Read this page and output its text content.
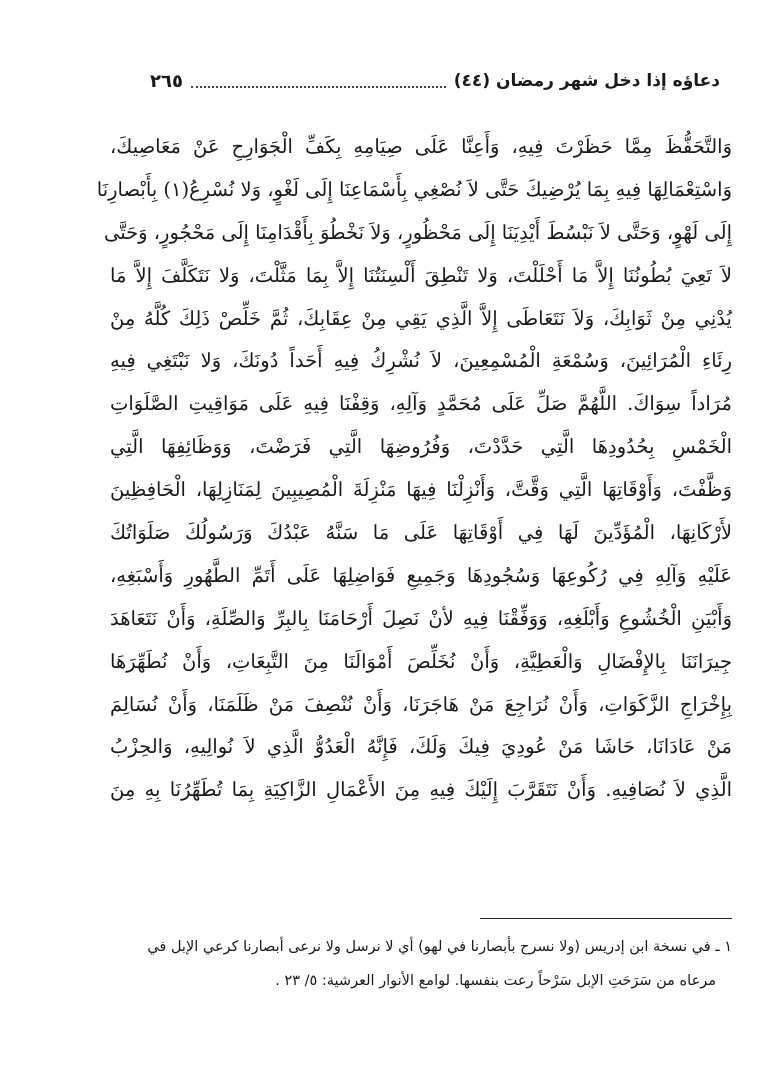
دعاؤه إذا دخل شهر رمضان (٤٤)
٢٦٥
وَالتَّحَفُّظَ مِمَّا حَظَرْتَ فِيهِ، وَأَعِنَّا عَلَى صِيَامِهِ بِكَفِّ الْجَوَارِحِ عَنْ مَعَاصِيكَ،
وَاسْتِعْمَالِهَا فِيهِ بِمَا يُرْضِيكَ حَتَّى لاَ نُصْغِي بِأَسْمَاعِنَا إِلَى لَغْوٍ، وَلا نُسْرِعُ(١) بِأَبْصارِنَا
إِلَى لَهْوٍ، وَحَتَّى لاَ نَبْسُطَ أَيْدِيَنَا إِلَى مَحْظُورٍ، وَلاَ نَخْطُوَ بِأَقْدَامِنَا إِلَى مَحْجُورٍ، وَحَتَّى
لاَ تَعِيَ بُطُونُنَا إِلاَّ مَا أَحْلَلْتَ، وَلا تَنْطِقَ أَلْسِنَتُنَا إِلاَّ بِمَا مَثَّلْتَ، وَلا نَتَكَلَّفَ إِلاَّ مَا
يُدْنِي مِنْ ثَوَابِكَ، وَلاَ نَتَعَاطَى إِلاَّ الَّذِي يَقِي مِنْ عِقَابِكَ، ثُمَّ خَلِّصْ ذَلِكَ كُلَّهُ مِنْ
رِئَاءِ الْمُرَائِينَ، وَسُمْعَةِ الْمُسْمِعِينَ، لاَ نُشْرِكُ فِيهِ أَحَداً دُونَكَ، وَلا نَبْتَغِي فِيهِ
مُرَاداً سِوَاكَ. اللَّهُمَّ صَلِّ عَلَى مُحَمَّدٍ وَآلِهِ، وَقِفْنَا فِيهِ عَلَى مَوَاقِيتِ الصَّلَوَاتِ
الْخَمْسِ بِحُدُودِهَا الَّتِي حَدَّدْتَ، وَفُرُوضِهَا الَّتِي فَرَضْتَ، وَوَظَائِفِهَا الَّتِي
وَظَّفْتَ، وَأَوْقَاتِهَا الَّتِي وَقَّتَّ، وَأَنْزِلْنَا فِيهَا مَنْزِلَةَ الْمُصِيبِينَ لِمَنَازِلِهَا، الْحَافِظِينَ
لأَرْكَانِهَا، الْمُؤَدِّينَ لَهَا فِي أَوْقَاتِهَا عَلَى مَا سَنَّهُ عَبْدُكَ وَرَسُولُكَ صَلَوَاتُكَ
عَلَيْهِ وَآلِهِ فِي رُكُوعِهَا وَسُجُودِهَا وَجَمِيعِ فَوَاضِلِهَا عَلَى أَتَمِّ الطَّهُورِ وَأَسْبَغِهِ،
وَأَبْيَنِ الْخُشُوعِ وَأَبْلَغِهِ، وَوَفِّقْنَا فِيهِ لأنْ نَصِلَ أَرْحَامَنَا بِالبِرِّ وَالصِّلَةِ، وَأَنْ نَتَعَاهَدَ
جِيرَانَنَا بِالإِفْضَالِ وَالْعَطِيَّةِ، وَأَنْ نُخَلِّصَ أَمْوَالَنَا مِنَ التَّبِعَاتِ، وَأَنْ نُطَهِّرَهَا
بِإِخْرَاجِ الزَّكَوَاتِ، وَأَنْ نُرَاجِعَ مَنْ هَاجَرَنَا، وَأَنْ نُنْصِفَ مَنْ ظَلَمَنَا، وَأَنْ نُسَالِمَ
مَنْ عَادَانَا، حَاشَا مَنْ عُودِيَ فِيكَ وَلَكَ، فَإِنَّهُ الْعَدُوُّ الَّذِي لاَ نُوالِيهِ، وَالحِزْبُ
الَّذِي لاَ نُصَافِيهِ. وَأَنْ نَتَقَرَّبَ إِلَيْكَ فِيهِ مِنَ الأَعْمَالِ الزَّاكِيَةِ بِمَا تُطَهِّرُنَا بِهِ مِنَ
١ ـ في نسخة ابن إدريس (ولا نسرح بأبصارنا في لهو) أي لا نرسل ولا نرعى أبصارنا كرعي الإبل في
مرعاه من سَرَحَتِ الإبل سَرْحاً رعت بنفسها. لوامع الأنوار العرشية: ٥/ ٢٣ .
